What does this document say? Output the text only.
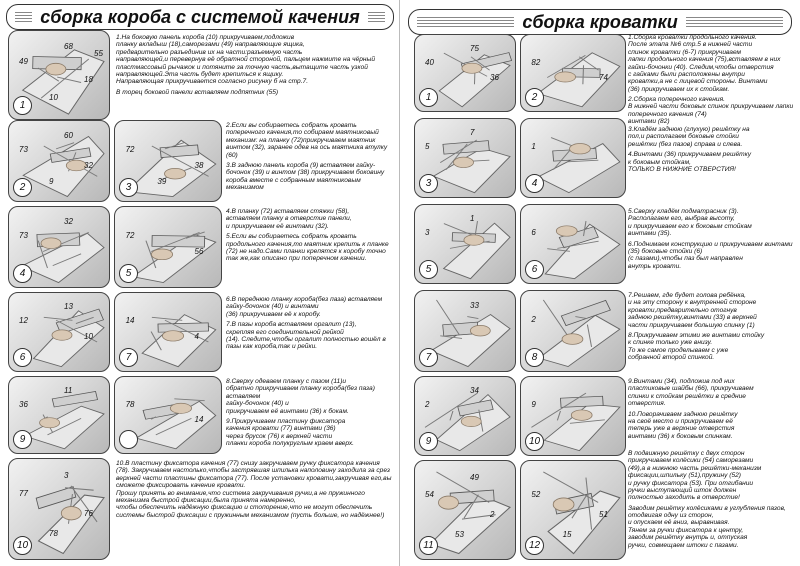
сборка короба с системой качения
68
49
18
10
55
1

1.На боковую панель короба (10) прикручиваем,подложив

планку вкладыш (18),саморезами (49) направляющие ящика,

предварительно разъединив их на части:разъемную часть

направляющей,и перевернув её обратной стороной, пальцем нажмите на чёрный пластмассовый рычажок и потяните за точную часть,вытащите часть узкой направляющей.Эта часть будет крепиться к ящику.

Направляющая прикручивается согласно рисунку б на стр.7.

В торец боковой панели вставляем подпятник (55)

60
73
32
9
2
72
38
39
3

2.Если вы собираетесь собрать кровать поперечного качения,то собираем маятниковый механизм: на планку (72)прикручиваем маятник винтом (32), заранее одев на ось маятника втулку (60)

3.В заднюю панель короба (9) вставляем гайку-бочонок (39) и винтом (38) прикручиваем боковину короба вместе с собранным маятниковым механизмом

32
73
4
72
56
5

4.В планку (72) вставляем стяжки (58),

вставляем планку в отверстие панели,

и прикручиваем её винтами (32).

5.Если вы собираетесь собрать кровать продольного качения,то маятник крепить к планке (72) не надо.Сами планки крепятся к коробу точно так же,как описано при поперечном качении.

13
12
10
6
14
4
7

6.В переднюю планку короба(без паза) вставляем гайку-бочонок (40) и винтами

(36) прикручиваем её к коробу.

7.В пазы короба вставляем оргалит (13),

скрепляя его соединительной рейкой

(14). Следите,чтобы оргалит полностью вошёл в пазы как короба,так и рейки.

11
36
9
78
14

8.Сверху одеваем планку с пазом (11)и

обратно прикручиваем планку короба(без паза) вставляем

гайку-бочонок (40) и

прикручиваем её винтами (36) к бокам.

9.Прикручиваем пластину фиксатора

качения кровати (77) винтами (36)

через брусок (76) к верхней части

планки короба полукруглым краем вверх.

3
77
76
78
10

10.В пластину фиксатора качения (77) снизу закручиваем ручку фиксатора качения (78). Закручиваем настолько,чтобы застрявшая шпилька наполовину заходила за срез верхней части пластины фиксатора (77). После установки кровати,закручивая его,вы сможете фиксировать качение кровати.

Прошу принять во внимание,что система закручивания ручки,а не пружинного механизма быстрой фиксации,была принята намеренно,

чтобы обеспечить надёжную фиксацию и стопорение,что не могут обеспечить системы быстрой фиксации с пружинным механизмом (пусть больше, но надёжнее!)

сборка кроватки
75
40
36
1
82
74
2

1.Сборка кроватки продольного качения.

После этапа №6 стр.5 в нижней части

спинок кроватки (6-7) прикручиваем

лапки продольного качения (75),вставляем в них

гайки-бочонки (40). Следим,чтобы отверстия

с гайками были расположены внутри

кроватки,а не с лицевой стороны. Винтами

(36) прикручиваем их к стойкам.

2.Сборка поперечного качения.

В нижней части боковых спинок прикручиваем лапки поперечного качения (74)

винтами (82)

7
5
3
1
4

3.Кладём заднюю (глухую) решётку на

пол,и располагаем боковые стойки

решётки (без пазов) справа и слева.

4.Винтами (36) прикручиваем решётку

к боковым стойкам,

ТОЛЬКО В НИЖНИЕ ОТВЕРСТИЯ!

1
3
5
6
6

5.Сверху кладём подматрасник (3).

Располагаем его, выбрав высоту,

и прикручиваем его к боковым стойкам

винтами (35).

6.Поднимаем конструкцию и прикручиваем винтами (35) боковые стойки (6)

(с пазами),чтобы паз был направлен

внутрь кровати.

33
7
2
8

7.Решаем, где будет голова ребёнка,

и на эту сторону к внутренней стороне

кровати,предварительно отогнув

заднюю решётку,винтами (33) в верхней

части прикручиваем большую спинку (1)

8.Прикручиваем этими же винтами стойку

к спинке только уже внизу.

То же самое проделываем с уже

собранной второй спинкой.

34
2
9
9
10

9.Винтами (34), подложив под них

пластиковые шайбы (66), прикручиваем

спинки к стойкам решётки в средние

отверстия.

10.Поворачиваем заднюю решётку

на своё место и прикручиваем её

теперь уже в верхние отверстия

винтами (36) к боковым спинкам.

49
54
2
53
11
52
51
15
12

В подвижную решётку с двух сторон

прикручиваем колёсики (54) саморезами

(49),а в нижнюю часть решётки-механизм фиксации,шпильку (51),пружину (52)

и ручку фиксатора (53). При отгибании

ручки выступающий шток должен

полностью заходить в отверстие!

Заводим решётку колёсиками в углубления пазов, отодвигая одну из сторон,

и опускаем её вниз, выравнивая.

Тянем за ручки фиксатора к центру,

заводим решётку внутрь и, отпуская

ручки, совмещаем штоки с пазами.
